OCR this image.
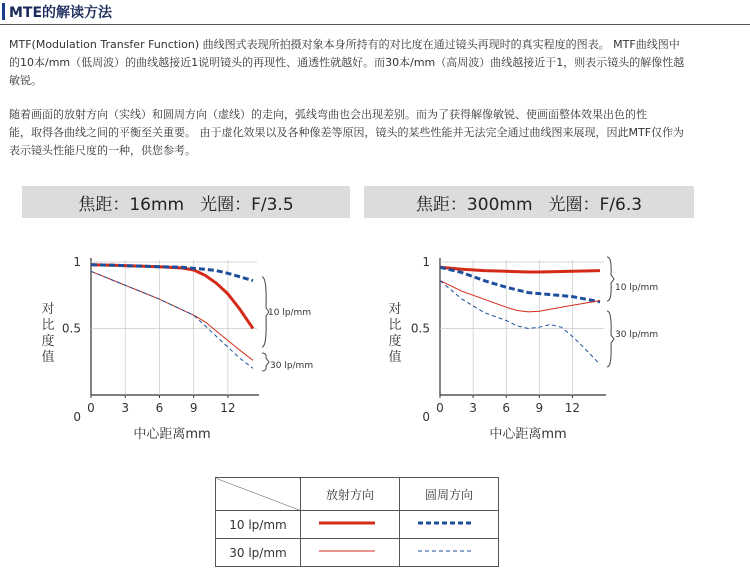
MTE的解读方法
MTF(Modulation Transfer Function) 曲线图式表现所拍摄对象本身所持有的对比度在通过镜头再现时的真实程度的图表。 MTF曲线图中
的10本/mm（低周波）的曲线越接近1说明镜头的再现性、通透性就越好。而30本/mm（高周波）曲线越接近于1，则表示镜头的解像性越
敏锐。
随着画面的放射方向（实线）和圆周方向（虚线）的走向，弧线弯曲也会出现差别。而为了获得解像敏锐、使画面整体效果出色的性
能，取得各曲线之间的平衡至关重要。 由于虚化效果以及各种像差等原因，镜头的某些性能并无法完全通过曲线图来展现，因此MTF仅作为
表示镜头性能尺度的一种，供您参考。
焦距：16mm 光圈：F/3.5	焦距：300mm 光圈：F/6.3
0 3 6 9 12
0
0.5
1
中心距离mm
对
比
度
值
10 lp/mm
30 lp/mm
0 3 6 9 12
0
0.5
1
中心距离mm
对
比
度
值
10 lp/mm
30 lp/mm
	放射方向	圆周方向
10 lp/mm		
30 lp/mm		
